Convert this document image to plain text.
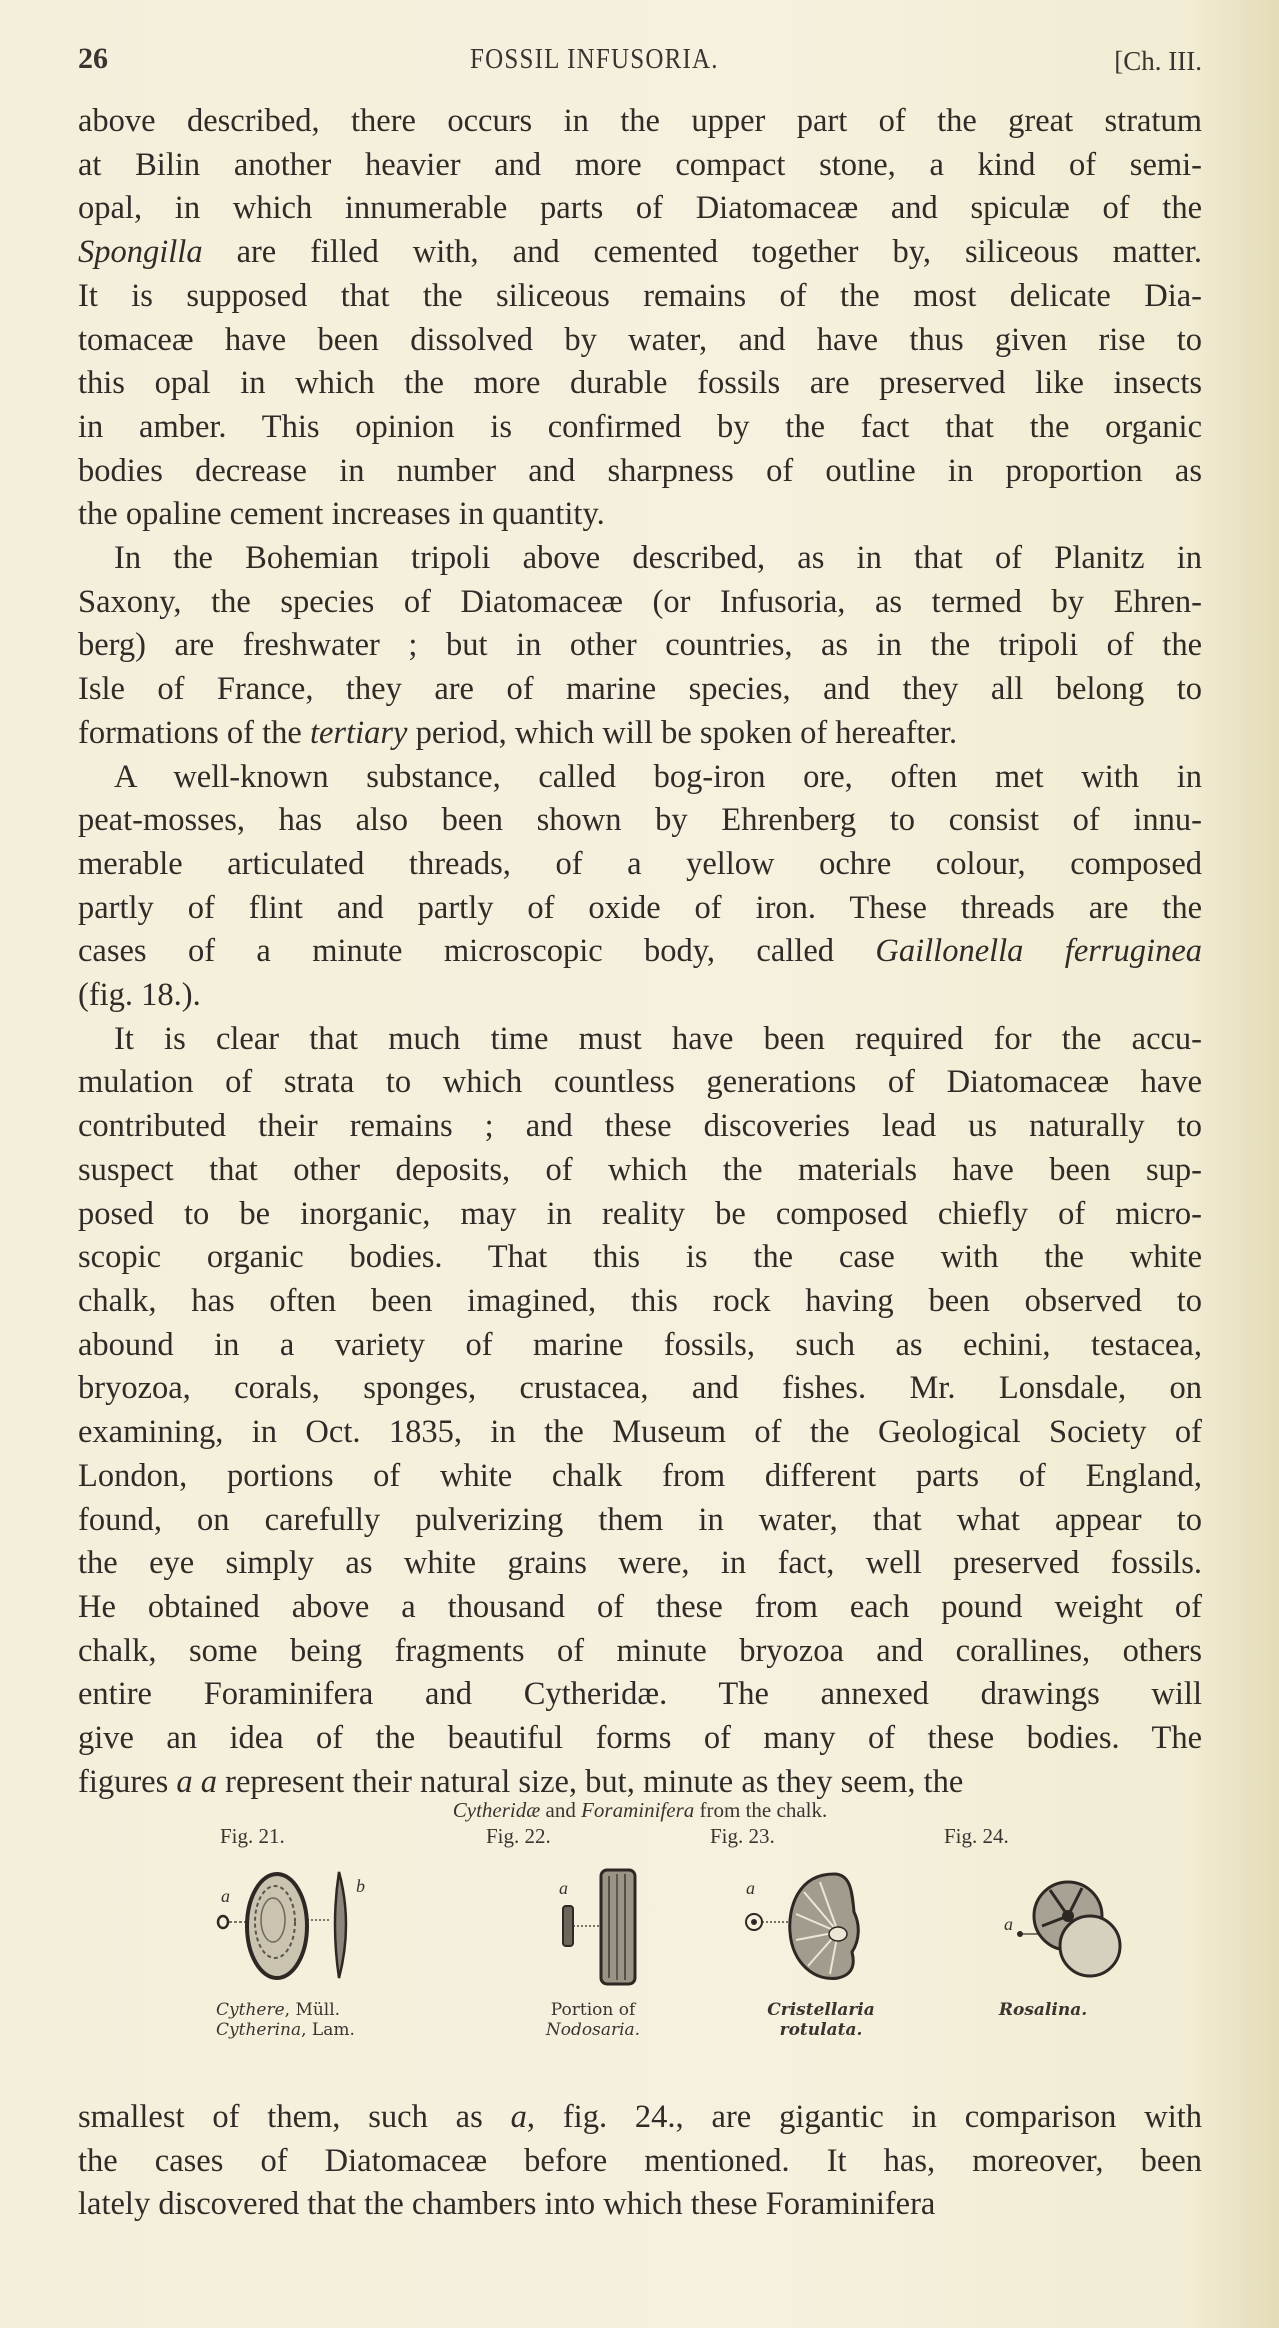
26	FOSSIL INFUSORIA.	[Ch. III.

above described, there occurs in the upper part of the great stratum
at Bilin another heavier and more compact stone, a kind of semi-
opal, in which innumerable parts of Diatomaceæ and spiculæ of the
Spongilla are filled with, and cemented together by, siliceous matter.
It is supposed that the siliceous remains of the most delicate Dia-
tomaceæ have been dissolved by water, and have thus given rise to
this opal in which the more durable fossils are preserved like insects
in amber. This opinion is confirmed by the fact that the organic
bodies decrease in number and sharpness of outline in proportion as
the opaline cement increases in quantity.

In the Bohemian tripoli above described, as in that of Planitz in
Saxony, the species of Diatomaceæ (or Infusoria, as termed by Ehren-
berg) are freshwater ; but in other countries, as in the tripoli of the
Isle of France, they are of marine species, and they all belong to
formations of the tertiary period, which will be spoken of hereafter.

A well-known substance, called bog-iron ore, often met with in
peat-mosses, has also been shown by Ehrenberg to consist of innu-
merable articulated threads, of a yellow ochre colour, composed
partly of flint and partly of oxide of iron. These threads are the
cases of a minute microscopic body, called Gaillonella ferruginea
(fig. 18.).

It is clear that much time must have been required for the accu-
mulation of strata to which countless generations of Diatomaceæ have
contributed their remains ; and these discoveries lead us naturally to
suspect that other deposits, of which the materials have been sup-
posed to be inorganic, may in reality be composed chiefly of micro-
scopic organic bodies. That this is the case with the white
chalk, has often been imagined, this rock having been observed to
abound in a variety of marine fossils, such as echini, testacea,
bryozoa, corals, sponges, crustacea, and fishes. Mr. Lonsdale, on
examining, in Oct. 1835, in the Museum of the Geological Society of
London, portions of white chalk from different parts of England,
found, on carefully pulverizing them in water, that what appear to
the eye simply as white grains were, in fact, well preserved fossils.
He obtained above a thousand of these from each pound weight of
chalk, some being fragments of minute bryozoa and corallines, others
entire Foraminifera and Cytheridæ. The annexed drawings will
give an idea of the beautiful forms of many of these bodies. The
figures a a represent their natural size, but, minute as they seem, the

Cytheridæ and Foraminifera from the chalk.
Fig. 21.	Fig. 22.	Fig. 23.	Fig. 24.
a	b	a	a
a
Cythere, Müll.
Cytherina, Lam.
Portion of
Nodosaria.
Cristellaria
rotulata.
Rosalina.

smallest of them, such as a, fig. 24., are gigantic in comparison with
the cases of Diatomaceæ before mentioned. It has, moreover, been
lately discovered that the chambers into which these Foraminifera
